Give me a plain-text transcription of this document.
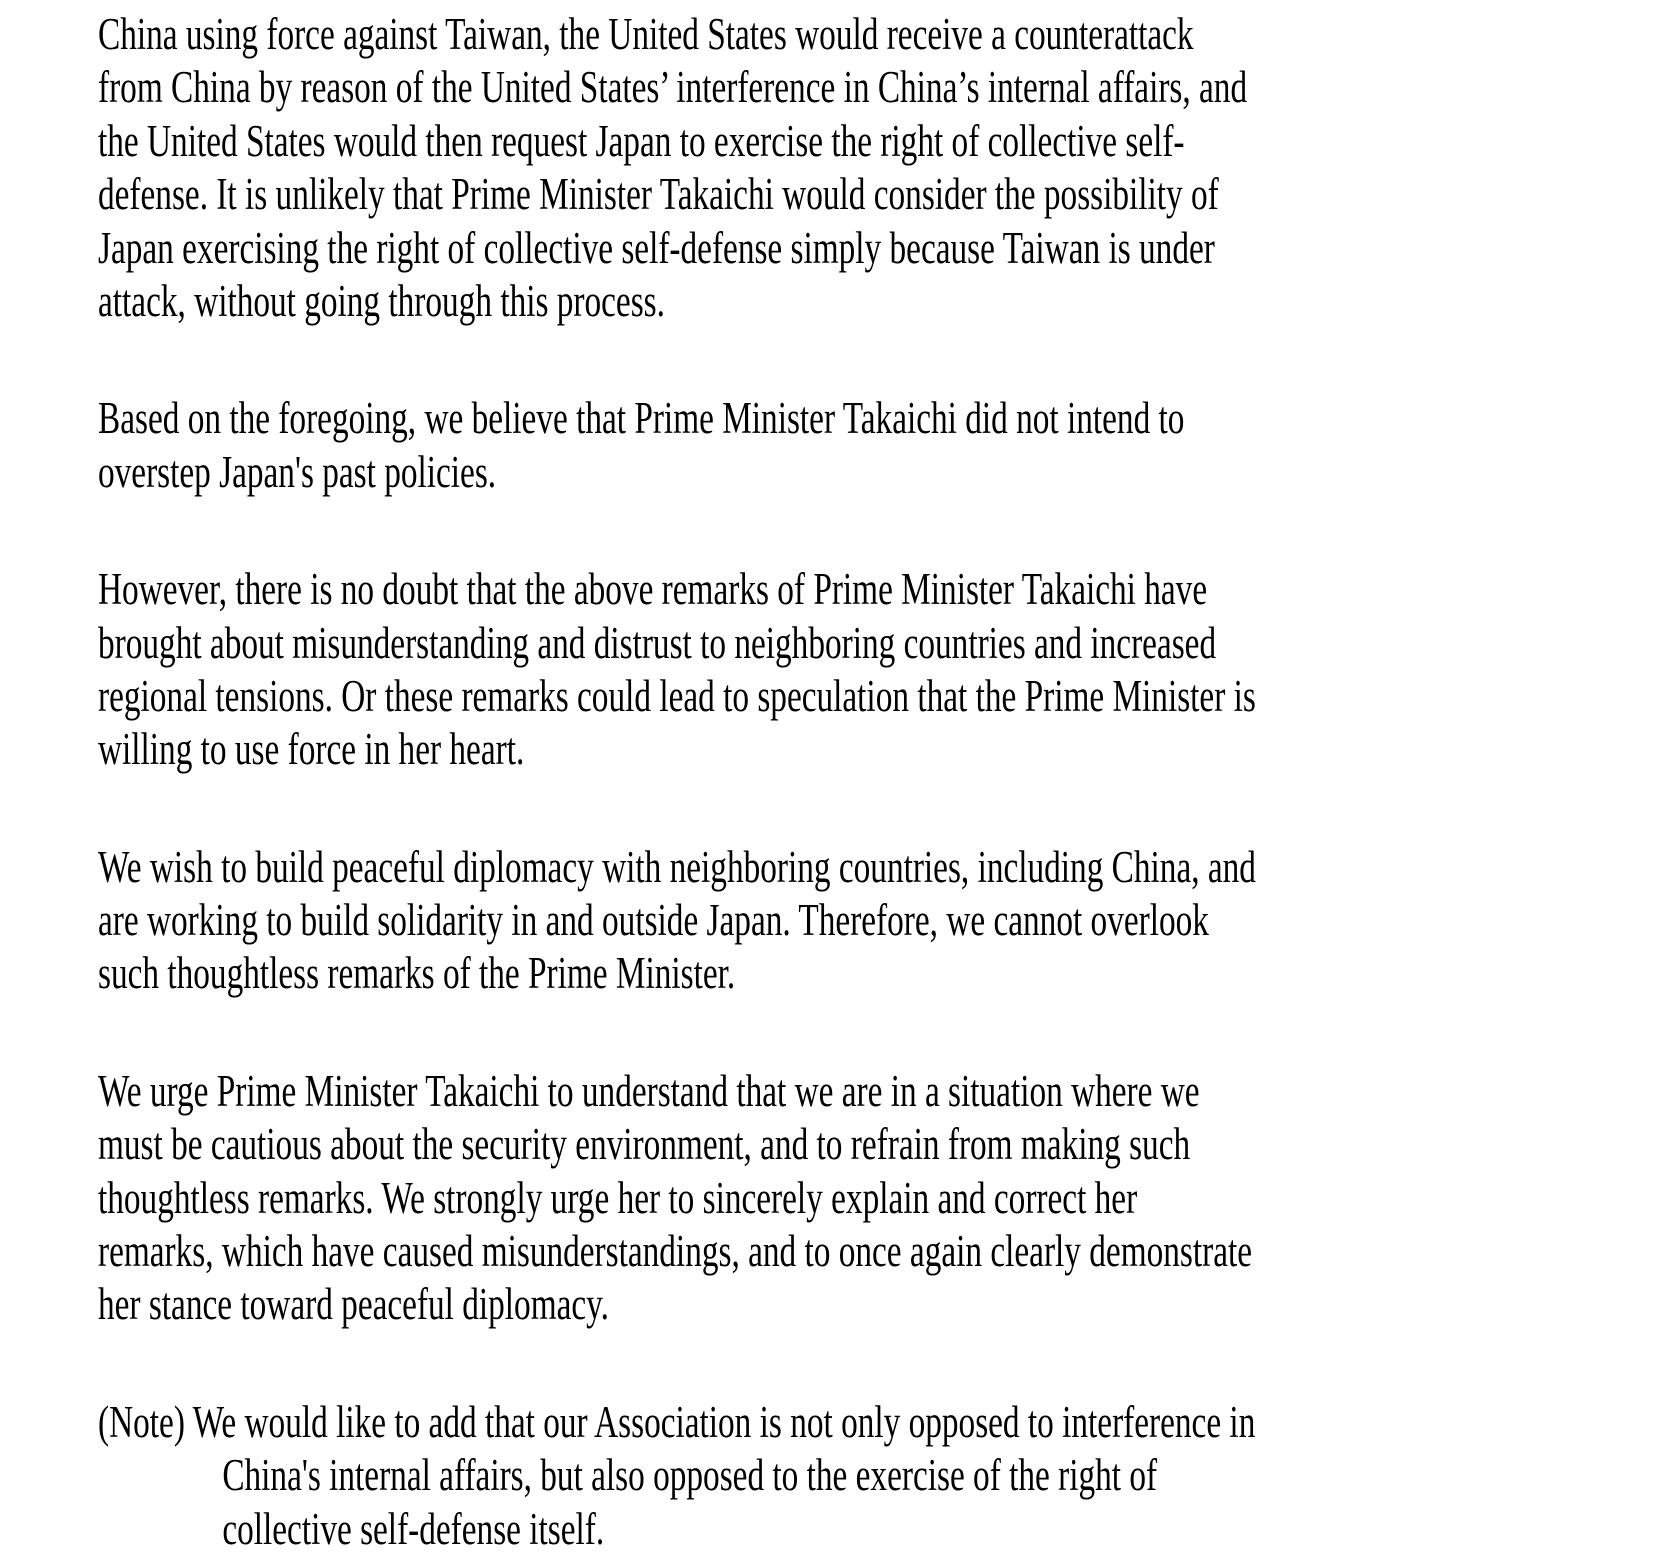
China using force against Taiwan, the United States would receive a counterattack
from China by reason of the United States’ interference in China’s internal affairs, and
the United States would then request Japan to exercise the right of collective self-
defense. It is unlikely that Prime Minister Takaichi would consider the possibility of
Japan exercising the right of collective self-defense simply because Taiwan is under
attack, without going through this process.
Based on the foregoing, we believe that Prime Minister Takaichi did not intend to
overstep Japan's past policies.
However, there is no doubt that the above remarks of Prime Minister Takaichi have
brought about misunderstanding and distrust to neighboring countries and increased
regional tensions. Or these remarks could lead to speculation that the Prime Minister is
willing to use force in her heart.
We wish to build peaceful diplomacy with neighboring countries, including China, and
are working to build solidarity in and outside Japan. Therefore, we cannot overlook
such thoughtless remarks of the Prime Minister.
We urge Prime Minister Takaichi to understand that we are in a situation where we
must be cautious about the security environment, and to refrain from making such
thoughtless remarks. We strongly urge her to sincerely explain and correct her
remarks, which have caused misunderstandings, and to once again clearly demonstrate
her stance toward peaceful diplomacy.
(Note) We would like to add that our Association is not only opposed to interference in
China's internal affairs, but also opposed to the exercise of the right of
collective self-defense itself.
